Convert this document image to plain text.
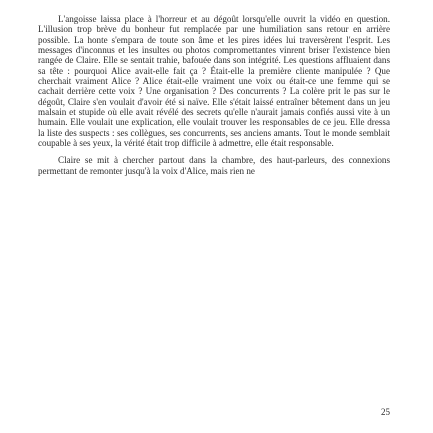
L'angoisse laissa place à l'horreur et au dégoût lorsqu'elle ouvrit la vidéo en question. L'illusion trop brève du bonheur fut remplacée par une humiliation sans retour en arrière possible. La honte s'empara de toute son âme et les pires idées lui traversèrent l'esprit. Les messages d'inconnus et les insultes ou photos compromettantes vinrent briser l'existence bien rangée de Claire. Elle se sentait trahie, bafouée dans son intégrité. Les questions affluaient dans sa tête : pourquoi Alice avait-elle fait ça ? Était-elle la première cliente manipulée ? Que cherchait vraiment Alice ? Alice était-elle vraiment une voix ou était-ce une femme qui se cachait derrière cette voix ? Une organisation ? Des concurrents ? La colère prit le pas sur le dégoût, Claire s'en voulait d'avoir été si naïve. Elle s'était laissé entraîner bêtement dans un jeu malsain et stupide où elle avait révélé des secrets qu'elle n'aurait jamais confiés aussi vite à un humain. Elle voulait une explication, elle voulait trouver les responsables de ce jeu. Elle dressa la liste des suspects : ses collègues, ses concurrents, ses anciens amants. Tout le monde semblait coupable à ses yeux, la vérité était trop difficile à admettre, elle était responsable.

Claire se mit à chercher partout dans la chambre, des haut-parleurs, des connexions permettant de remonter jusqu'à la voix d'Alice, mais rien ne

25
